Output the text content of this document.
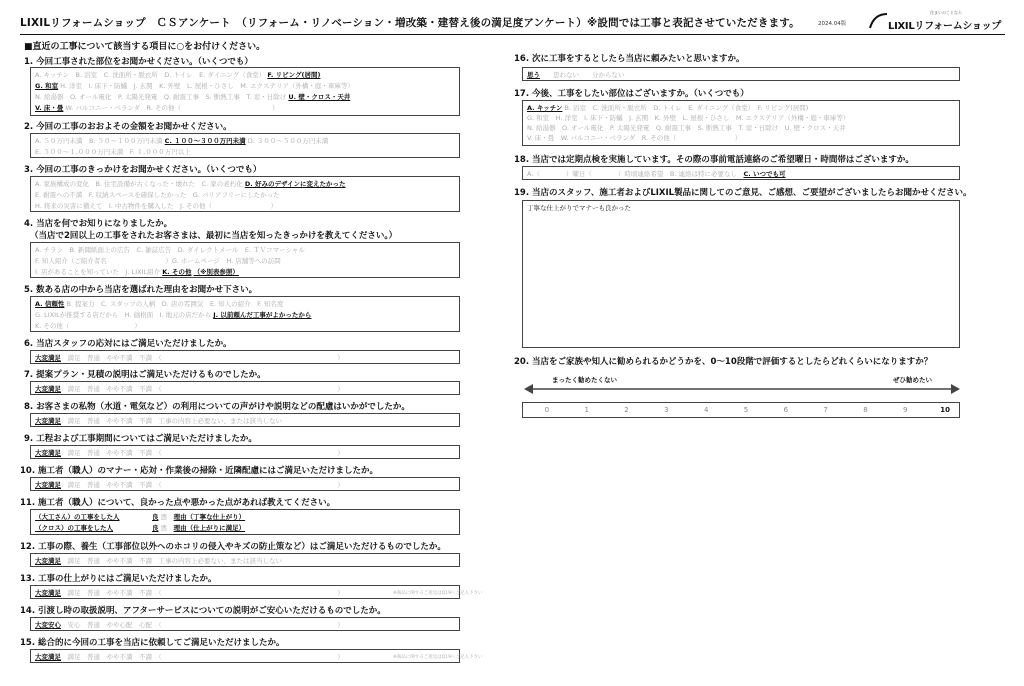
LIXILリフォームショップ　ＣＳアンケート　（リフォーム・リノベーション・増改築・建替え後の満足度アンケート）※設問では工事と表記させていただきます。	2024.04版
住まいのことなら
LIXILリフォームショップ
■直近の工事について該当する項目に○をお付けください。
1. 今回工事された部位をお聞かせください。（いくつでも）
A. キッチン　B. 浴室　C. 洗面所・脱衣所　D. トイレ　E. ダイニング（食堂） F. リビング(居間)
G. 和室 H. 洋室　I. 床下・防蟻　J. 玄関　K. 外壁　L. 屋根・ひさし　M. エクステリア（外構・庭・車庫等）
N. 給湯器　O. オール電化　P. 太陽光発電　Q. 耐震工事　S. 断熱工事　T. 窓・日除け U. 壁・クロス・天井
V. 床・畳 W. バルコニー・ベランダ　R. その他（　　　　　　　　　　　　　　）
2. 今回の工事のおおよその金額をお聞かせください。
A. ５０万円未満　B. ５０～１００万円未満 C. １００～３００万円未満 D. ３００～５００万円未満
E. ５００～１,０００万円未満　F. １,０００万円以上
3. 今回の工事のきっかけをお聞かせください。（いくつでも）
A. 家族構成の変化　B. 住宅設備が古くなった・壊れた　C. 家の老朽化 D. 好みのデザインに変えたかった
E. 耐震への不満　F. 収納スペースを確保したかった　G. バリアフリーにしたかった
H. 将来の災害に備えて　I. 中古物件を購入した　J. その他（　　　　　　　　　）
4. 当店を何でお知りになりましたか。
（当店で2回以上の工事をされたお客さまは、最初に当店を知ったきっかけを教えてください。）
A. チラシ　B. 新聞紙面上の広告　C. 雑誌広告　D. ダイレクトメール　E. ＴＶコマーシャル
F. 知人紹介（ご紹介者名　　　　　　　　　）G. ホームページ　H. 店舗等への訪問
I. 店があることを知っていた　J. LIXIL紹介 K. その他 （※別表参照）
5. 数ある店の中から当店を選ばれた理由をお聞かせ下さい。
A. 信頼性 B. 提案力　C. スタッフの人柄　D. 店の雰囲気　E. 知人の紹介　F. 知名度
G. LIXILが推奨する店だから　H. 価格面　I. 地元の店だから J. 以前頼んだ工事がよかったから
K. その他（　　　　　　　　　　）
6. 当店スタッフの応対にはご満足いただけましたか。
大変満足　 満足　普通　やや不満　不満　（　　　　　　　　　　　　　　　　　　　　　　　　　　　）
7. 提案プラン・見積の説明はご満足いただけるものでしたか。
大変満足　 満足　普通　やや不満　不満　（　　　　　　　　　　　　　　　　　　　　　　　　　　　）
8. お客さまの私物（水道・電気など）の利用についての声がけや説明などの配慮はいかがでしたか。
大変満足　 満足　普通　やや不満　不満　工事の内容上必要ない、または該当しない
9. 工程および工事期間についてはご満足いただけましたか。
大変満足　 満足　普通　やや不満　不満　（　　　　　　　　　　　　　　　　　　　　　　　　　　　）
10. 施工者（職人）のマナー・応対・作業後の掃除・近隣配慮にはご満足いただけましたか。
大変満足　 満足　普通　やや不満　不満　（　　　　　　　　　　　　　　　　　　　　　　　　　　　）
11. 施工者（職人）について、良かった点や悪かった点があれば教えてください。
（大工さん）の工事をした人　　　　　	良 悪　 理由（丁寧な仕上がり）
（クロス）の工事をした人　　　　　　	良 悪　 理由（仕上がりに満足）
12. 工事の際、養生（工事部位以外へのホコリの侵入やキズの防止策など）はご満足いただけるものでしたか。
大変満足　 満足　普通　やや不満　不満　工事の内容上必要ない、または該当しない
13. 工事の仕上がりにはご満足いただけましたか。
大変満足　 満足　普通　やや不満　不満　（　　　　　　　　　　　　　　　　　　　　　　　　　　　）	※商品に関するご意見はQ19へご記入下さい
14. 引渡し時の取扱説明、アフターサービスについての説明がご安心いただけるものでしたか。
大変安心　 安心　普通　やや心配　心配　（　　　　　　　　　　　　　　　　　　　　　　　　　　　）
15. 総合的に今回の工事を当店に依頼してご満足いただけましたか。
大変満足　 満足　普通　やや不満　不満　（　　　　　　　　　　　　　　　　　　　　　　　　　　　）	※商品に関するご意見はQ19へご記入下さい
16. 次に工事をするとしたら当店に頼みたいと思いますか。
思う　　 思わない　　分からない
17. 今後、工事をしたい部位はございますか。（いくつでも）
A. キッチン B. 浴室　C. 洗面所・脱衣所　D. トイレ　E. ダイニング（食堂）　F. リビング(居間)
G. 和室　H. 洋室　I. 床下・防蟻　J. 玄関　K. 外壁　L. 屋根・ひさし　M. エクステリア（外構・庭・車庫等）
N. 給湯器　O. オール電化　P. 太陽光発電　Q. 耐震工事　S. 断熱工事　T. 窓・日除け　U. 壁・クロス・天井
V. 床・畳　W. バルコニー・ベランダ　R. その他（　　　　　　　　　）
18. 当店では定期点検を実施しています。その際の事前電話連絡のご希望曜日・時間帯はございますか。
A.（　　　　）曜日（　　　　）時頃連絡希望　B. 連絡は特に必要なし　 C. いつでも可
19. 当店のスタッフ、施工者およびLIXIL製品に関してのご意見、ご感想、ご要望がございましたらお聞かせください。
丁寧な仕上がりでマナーも良かった
20. 当店をご家族や知人に勧められるかどうかを、0～10段階で評価するとしたらどれくらいになりますか？
まったく勧めたくない	ぜひ勧めたい
0	1	2	3	4	5	6	7	8	9	10
